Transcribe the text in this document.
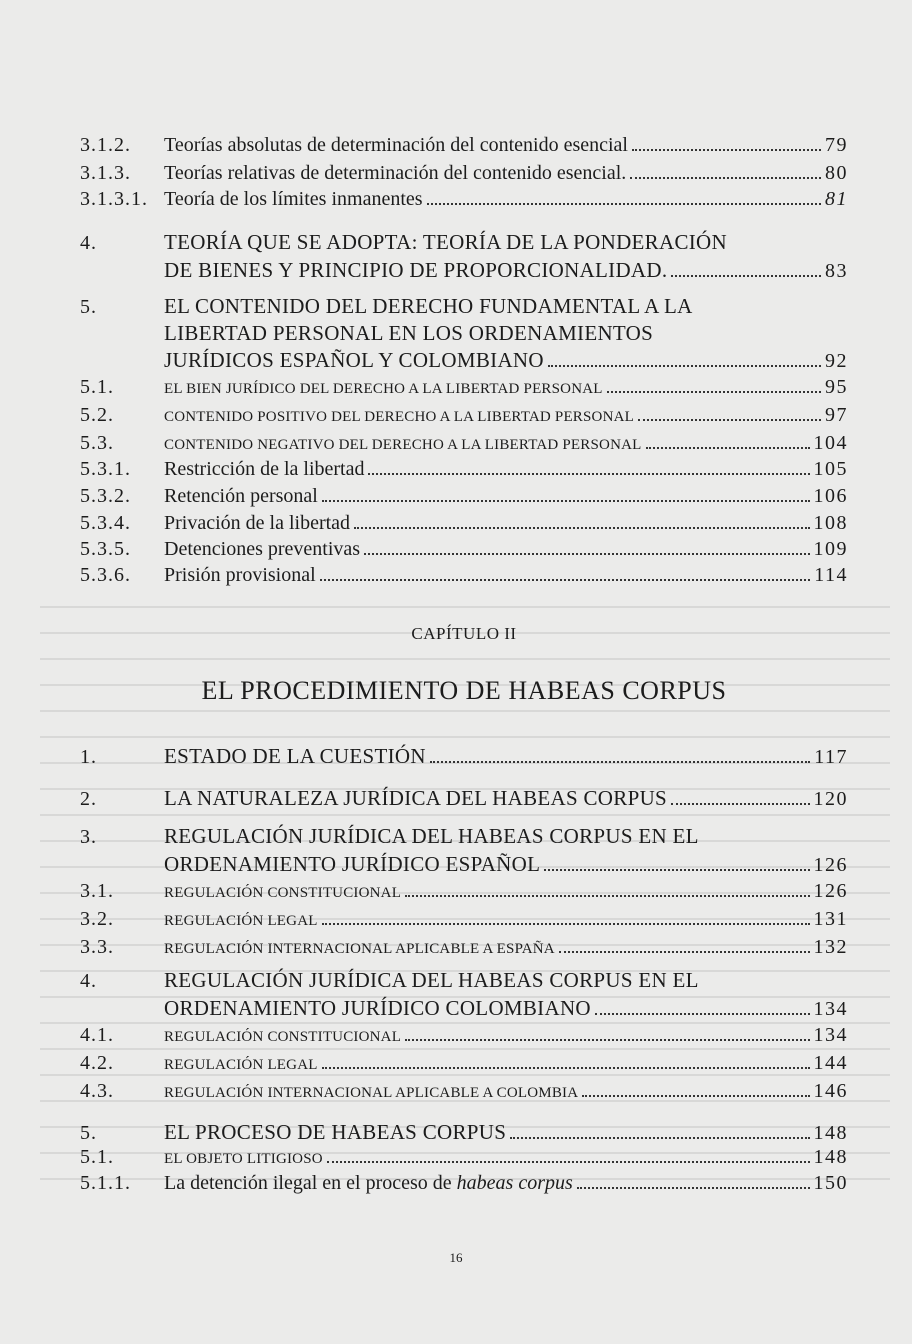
3.1.2.	Teorías absolutas de determinación del contenido esencial	79
3.1.3.	Teorías relativas de determinación del contenido esencial.	80
3.1.3.1. Teoría de los límites inmanentes	81
4.	TEORÍA QUE SE ADOPTA: TEORÍA DE LA PONDERACIÓN
DE BIENES Y PRINCIPIO DE PROPORCIONALIDAD.	83
5.	EL CONTENIDO DEL DERECHO FUNDAMENTAL A LA
LIBERTAD PERSONAL EN LOS ORDENAMIENTOS
JURÍDICOS ESPAÑOL Y COLOMBIANO	92
5.1.	EL BIEN JURÍDICO DEL DERECHO A LA LIBERTAD PERSONAL	95
5.2.	CONTENIDO POSITIVO DEL DERECHO A LA LIBERTAD PERSONAL	97
5.3.	CONTENIDO NEGATIVO DEL DERECHO A LA LIBERTAD PERSONAL	104
5.3.1.	Restricción de la libertad	105
5.3.2.	Retención personal	106
5.3.4.	Privación de la libertad	108
5.3.5.	Detenciones preventivas	109
5.3.6.	Prisión provisional	114
CAPÍTULO II
EL PROCEDIMIENTO DE HABEAS CORPUS
1.	ESTADO DE LA CUESTIÓN	117
2.	LA NATURALEZA JURÍDICA DEL HABEAS CORPUS	120
3.	REGULACIÓN JURÍDICA DEL HABEAS CORPUS EN EL
ORDENAMIENTO JURÍDICO ESPAÑOL	126
3.1.	REGULACIÓN CONSTITUCIONAL	126
3.2.	REGULACIÓN LEGAL	131
3.3.	REGULACIÓN INTERNACIONAL APLICABLE A ESPAÑA	132
4.	REGULACIÓN JURÍDICA DEL HABEAS CORPUS EN EL
ORDENAMIENTO JURÍDICO COLOMBIANO	134
4.1.	REGULACIÓN CONSTITUCIONAL	134
4.2.	REGULACIÓN LEGAL	144
4.3.	REGULACIÓN INTERNACIONAL APLICABLE A COLOMBIA	146
5.	EL PROCESO DE HABEAS CORPUS	148
5.1.	EL OBJETO LITIGIOSO	148
5.1.1.	La detención ilegal en el proceso de habeas corpus	150
16
